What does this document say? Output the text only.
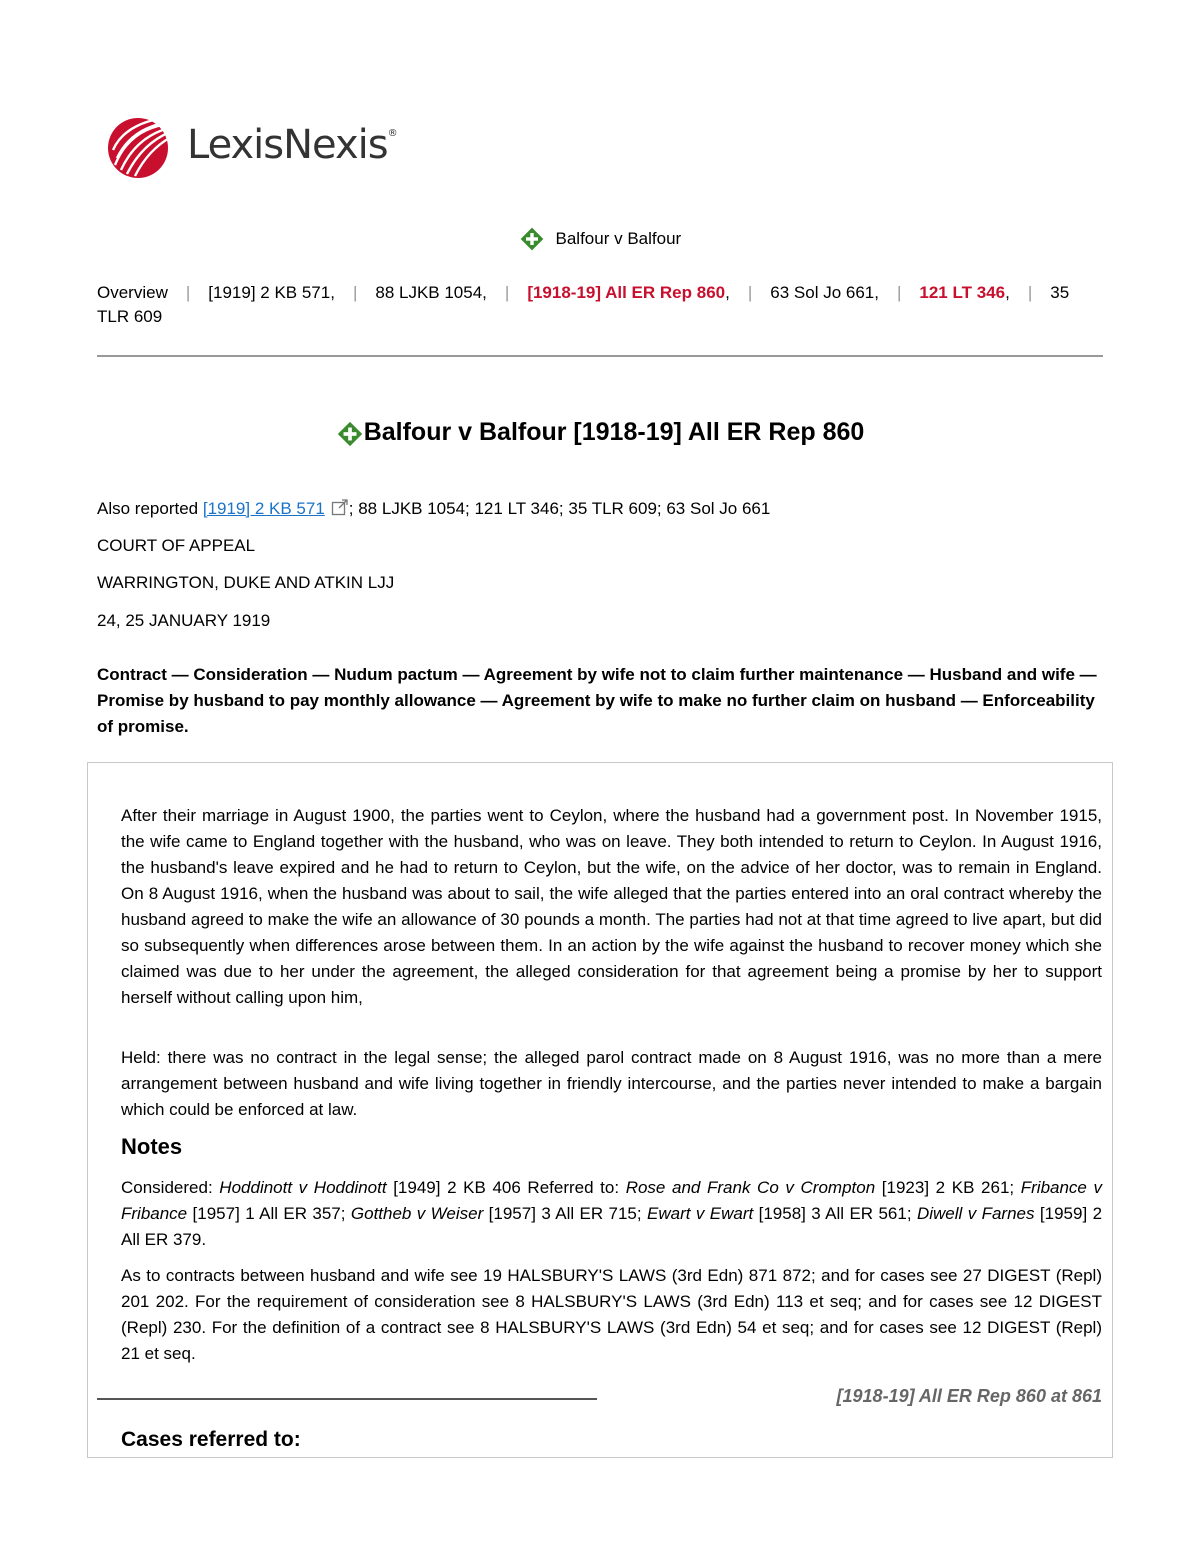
LexisNexis®
Balfour v Balfour
Overview | [1919] 2 KB 571, | 88 LJKB 1054, | [1918-19] All ER Rep 860, | 63 Sol Jo 661, | 121 LT 346, | 35 TLR 609
Balfour v Balfour [1918-19] All ER Rep 860
Also reported [1919] 2 KB 571 ; 88 LJKB 1054; 121 LT 346; 35 TLR 609; 63 Sol Jo 661
COURT OF APPEAL
WARRINGTON, DUKE AND ATKIN LJJ
24, 25 JANUARY 1919
Contract — Consideration — Nudum pactum — Agreement by wife not to claim further maintenance — Husband and wife — Promise by husband to pay monthly allowance — Agreement by wife to make no further claim on husband — Enforceability of promise.

After their marriage in August 1900, the parties went to Ceylon, where the husband had a government post. In November 1915, the wife came to England together with the husband, who was on leave. They both intended to return to Ceylon. In August 1916, the husband's leave expired and he had to return to Ceylon, but the wife, on the advice of her doctor, was to remain in England. On 8 August 1916, when the husband was about to sail, the wife alleged that the parties entered into an oral contract whereby the husband agreed to make the wife an allowance of 30 pounds a month. The parties had not at that time agreed to live apart, but did so subsequently when differences arose between them. In an action by the wife against the husband to recover money which she claimed was due to her under the agreement, the alleged consideration for that agreement being a promise by her to support herself without calling upon him,

Held: there was no contract in the legal sense; the alleged parol contract made on 8 August 1916, was no more than a mere arrangement between husband and wife living together in friendly intercourse, and the parties never intended to make a bargain which could be enforced at law.

Notes

Considered: Hoddinott v Hoddinott [1949] 2 KB 406 Referred to: Rose and Frank Co v Crompton [1923] 2 KB 261; Fribance v Fribance [1957] 1 All ER 357; Gottheb v Weiser [1957] 3 All ER 715; Ewart v Ewart [1958] 3 All ER 561; Diwell v Farnes [1959] 2 All ER 379.

As to contracts between husband and wife see 19 HALSBURY'S LAWS (3rd Edn) 871 872; and for cases see 27 DIGEST (Repl) 201 202. For the requirement of consideration see 8 HALSBURY'S LAWS (3rd Edn) 113 et seq; and for cases see 12 DIGEST (Repl) 230. For the definition of a contract see 8 HALSBURY'S LAWS (3rd Edn) 54 et seq; and for cases see 12 DIGEST (Repl) 21 et seq.

[1918-19] All ER Rep 860 at 861
Cases referred to:
